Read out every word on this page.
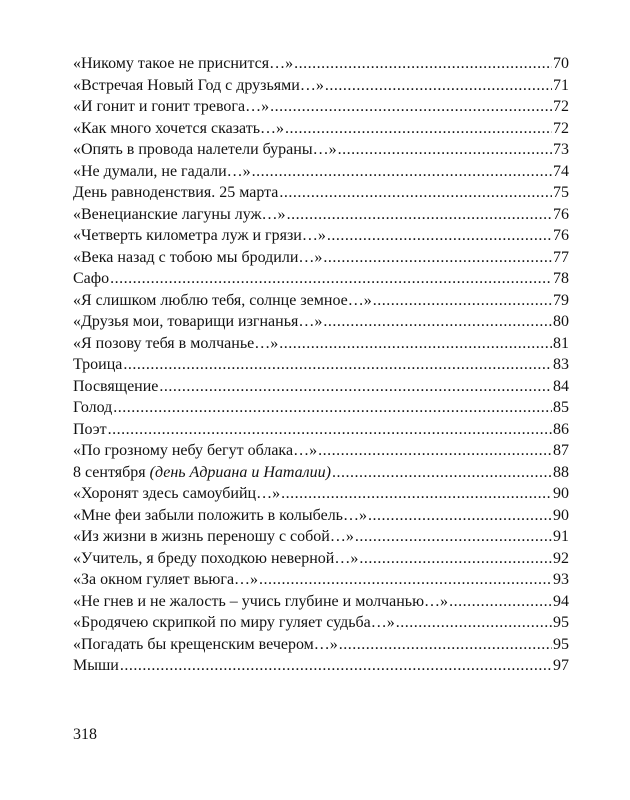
«Никому такое не приснится…» .....	70
«Встречая Новый Год с друзьями…» .....	71
«И гонит и гонит тревога…» .....	72
«Как много хочется сказать…» .....	72
«Опять в провода налетели бураны…» .....	73
«Не думали, не гадали…» .....	74
День равноденствия. 25 марта .....	75
«Венецианские лагуны луж…» .....	76
«Четверть километра луж и грязи…» .....	76
«Века назад с тобою мы бродили…» .....	77
Сафо .....	78
«Я слишком люблю тебя, солнце земное…» .....	79
«Друзья мои, товарищи изгнанья…» .....	80
«Я позову тебя в молчанье…» .....	81
Троица .....	83
Посвящение .....	84
Голод .....	85
Поэт .....	86
«По грозному небу бегут облака…» .....	87
8 сентября (день Адриана и Наталии) .....	88
«Хоронят здесь самоубийц…» .....	90
«Мне феи забыли положить в колыбель…» .....	90
«Из жизни в жизнь переношу с собой…» .....	91
«Учитель, я бреду походкою неверной…» .....	92
«За окном гуляет вьюга…» .....	93
«Не гнев и не жалость – учись глубине и молчанью…» .....	94
«Бродячею скрипкой по миру гуляет судьба…» .....	95
«Погадать бы крещенским вечером…» .....	95
Мыши .....	97
318
